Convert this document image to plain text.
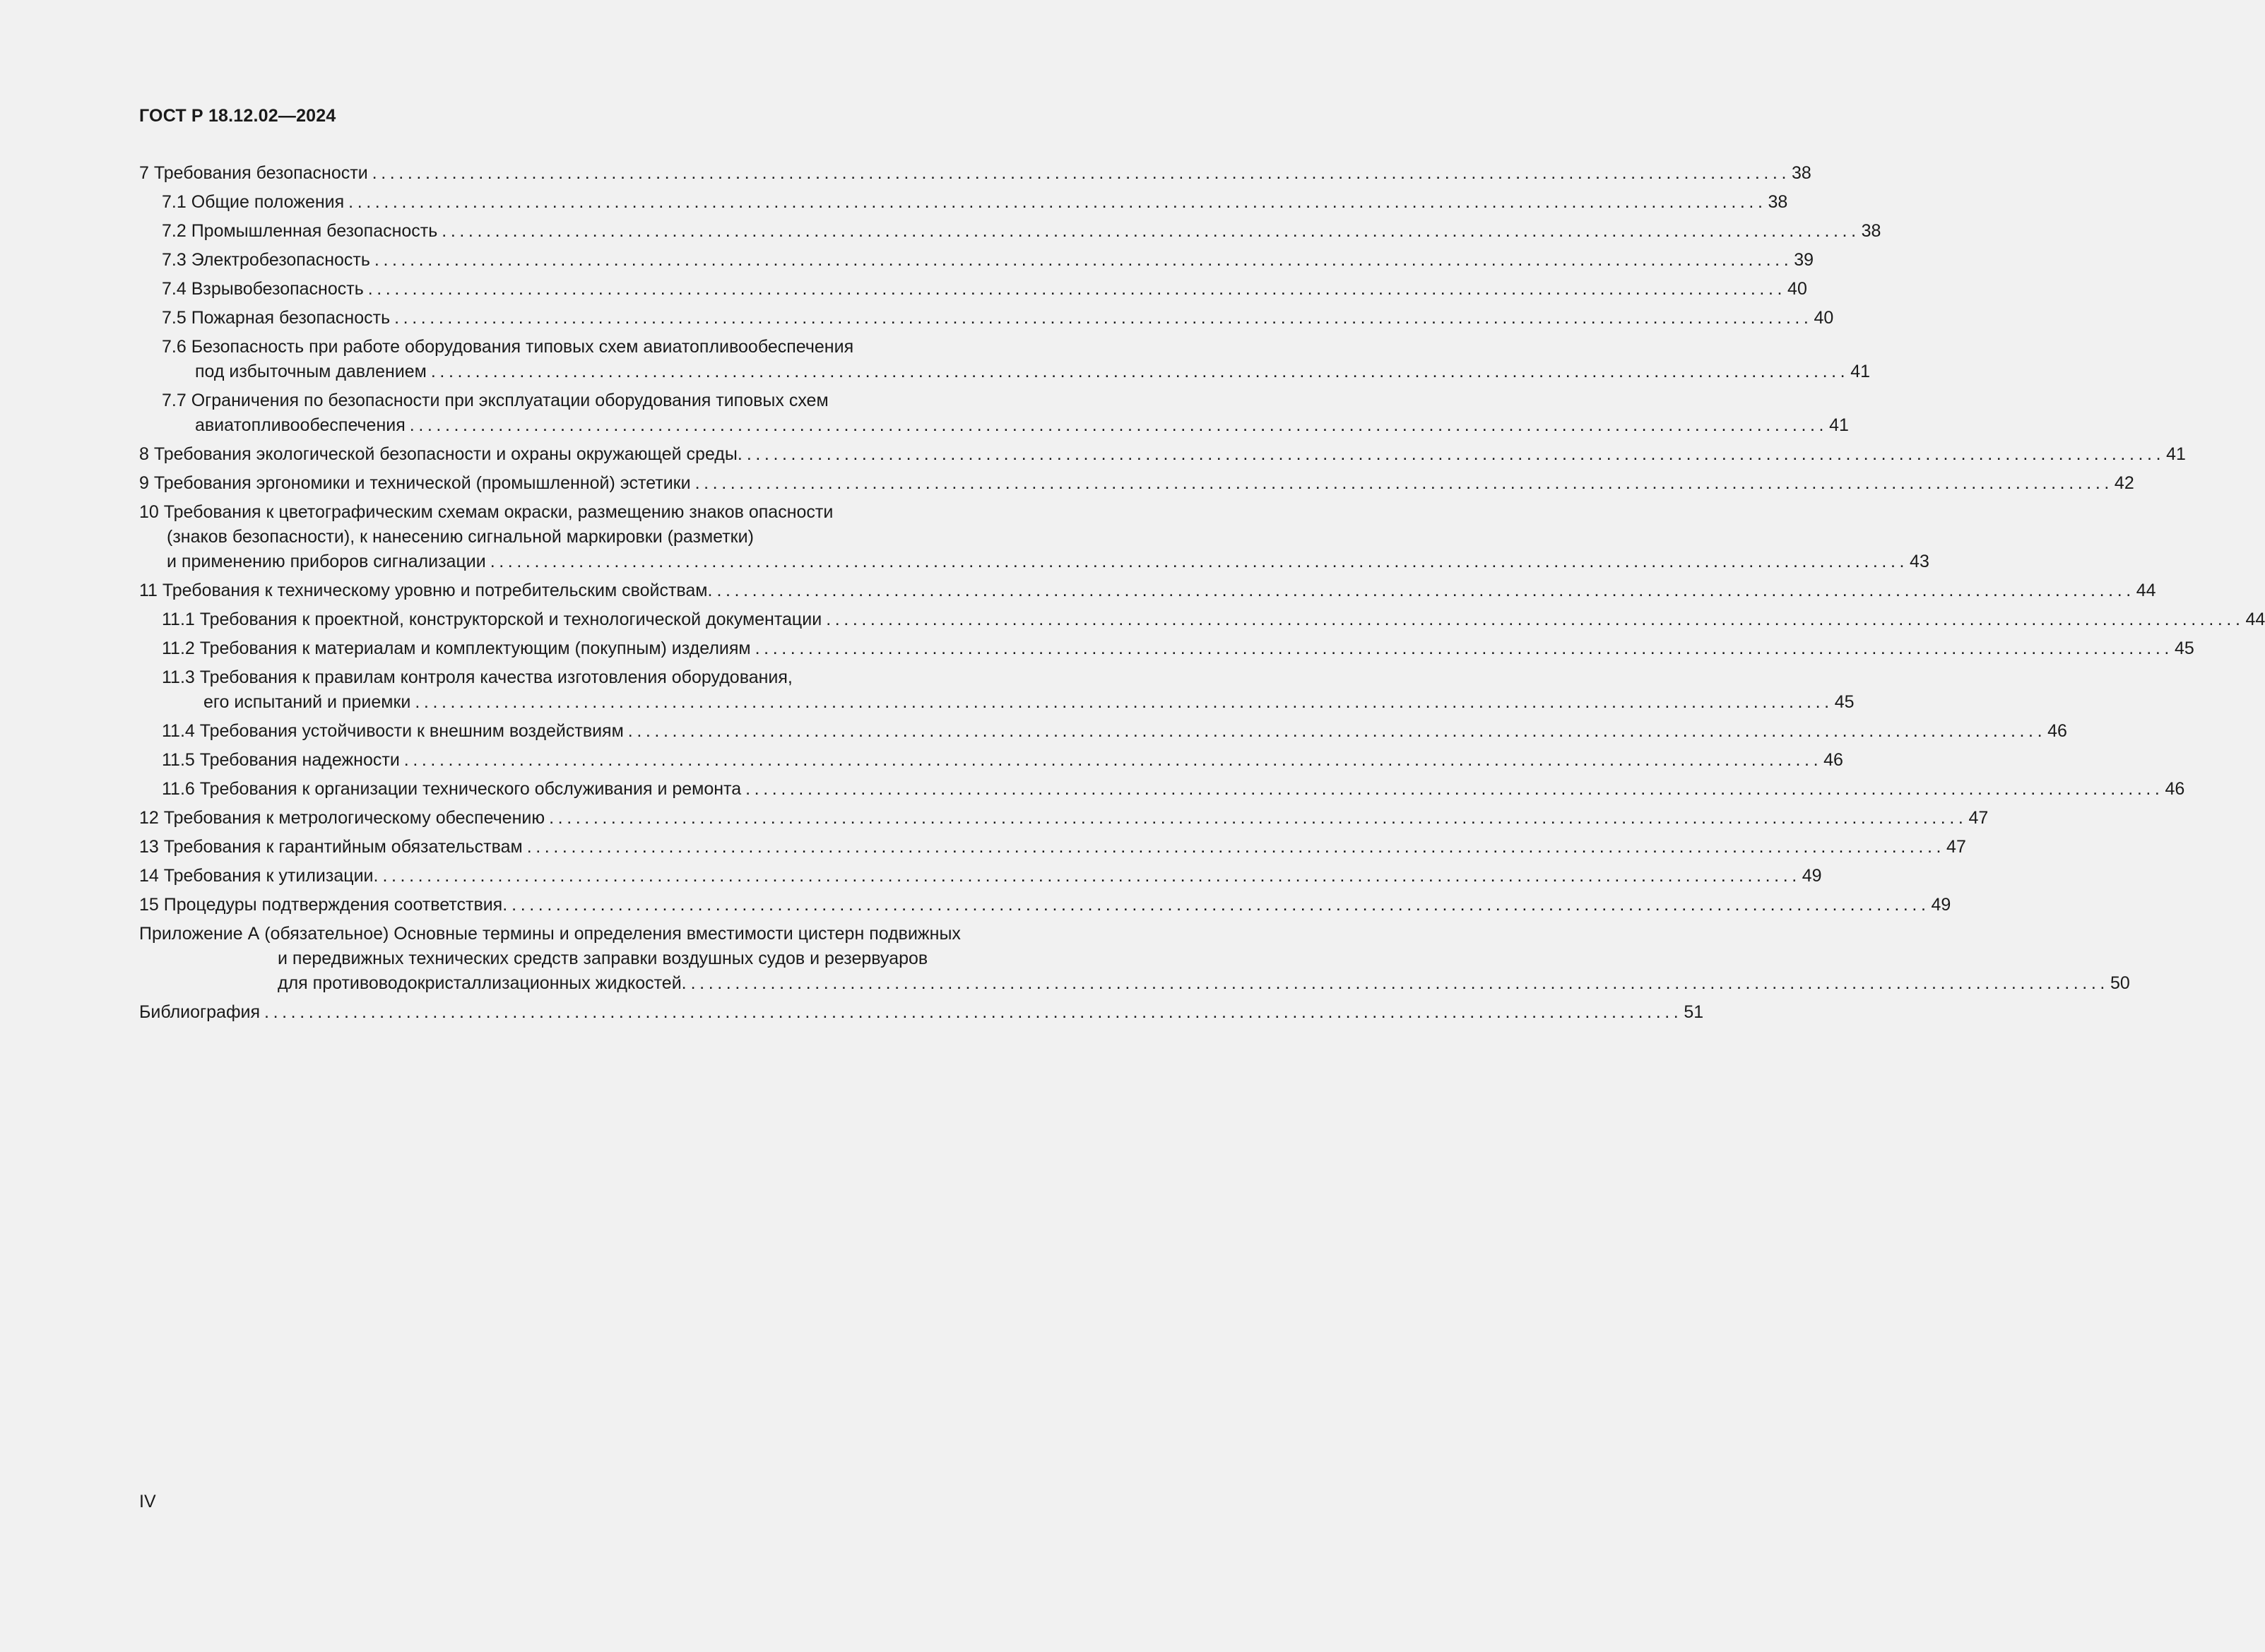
ГОСТ Р 18.12.02—2024
7 Требования безопасности ................................................................................................................................................................ 38
7.1 Общие положения ................................................................................................................................................................ 38
7.2 Промышленная безопасность ................................................................................................................................................................ 38
7.3 Электробезопасность ................................................................................................................................................................ 39
7.4 Взрывобезопасность ................................................................................................................................................................ 40
7.5 Пожарная безопасность ................................................................................................................................................................ 40
7.6 Безопасность при работе оборудования типовых схем авиатопливообеспечения
под избыточным давлением ................................................................................................................................................................ 41
7.7 Ограничения по безопасности при эксплуатации оборудования типовых схем
авиатопливообеспечения ................................................................................................................................................................ 41
8 Требования экологической безопасности и охраны окружающей среды. ................................................................................................................................................................ 41
9 Требования эргономики и технической (промышленной) эстетики ................................................................................................................................................................ 42
10 Требования к цветографическим схемам окраски, размещению знаков опасности
(знаков безопасности), к нанесению сигнальной маркировки (разметки)
и применению приборов сигнализации ................................................................................................................................................................ 43
11 Требования к техническому уровню и потребительским свойствам. ................................................................................................................................................................ 44
11.1 Требования к проектной, конструкторской и технологической документации ................................................................................................................................................................ 44
11.2 Требования к материалам и комплектующим (покупным) изделиям ................................................................................................................................................................ 45
11.3 Требования к правилам контроля качества изготовления оборудования,
его испытаний и приемки ................................................................................................................................................................ 45
11.4 Требования устойчивости к внешним воздействиям ................................................................................................................................................................ 46
11.5 Требования надежности ................................................................................................................................................................ 46
11.6 Требования к организации технического обслуживания и ремонта ................................................................................................................................................................ 46
12 Требования к метрологическому обеспечению ................................................................................................................................................................ 47
13 Требования к гарантийным обязательствам ................................................................................................................................................................ 47
14 Требования к утилизации. ................................................................................................................................................................ 49
15 Процедуры подтверждения соответствия. ................................................................................................................................................................ 49
Приложение А (обязательное) Основные термины и определения вместимости цистерн подвижных
и передвижных технических средств заправки воздушных судов и резервуаров
для противоводокристаллизационных жидкостей. ................................................................................................................................................................ 50
Библиография ................................................................................................................................................................ 51
IV
